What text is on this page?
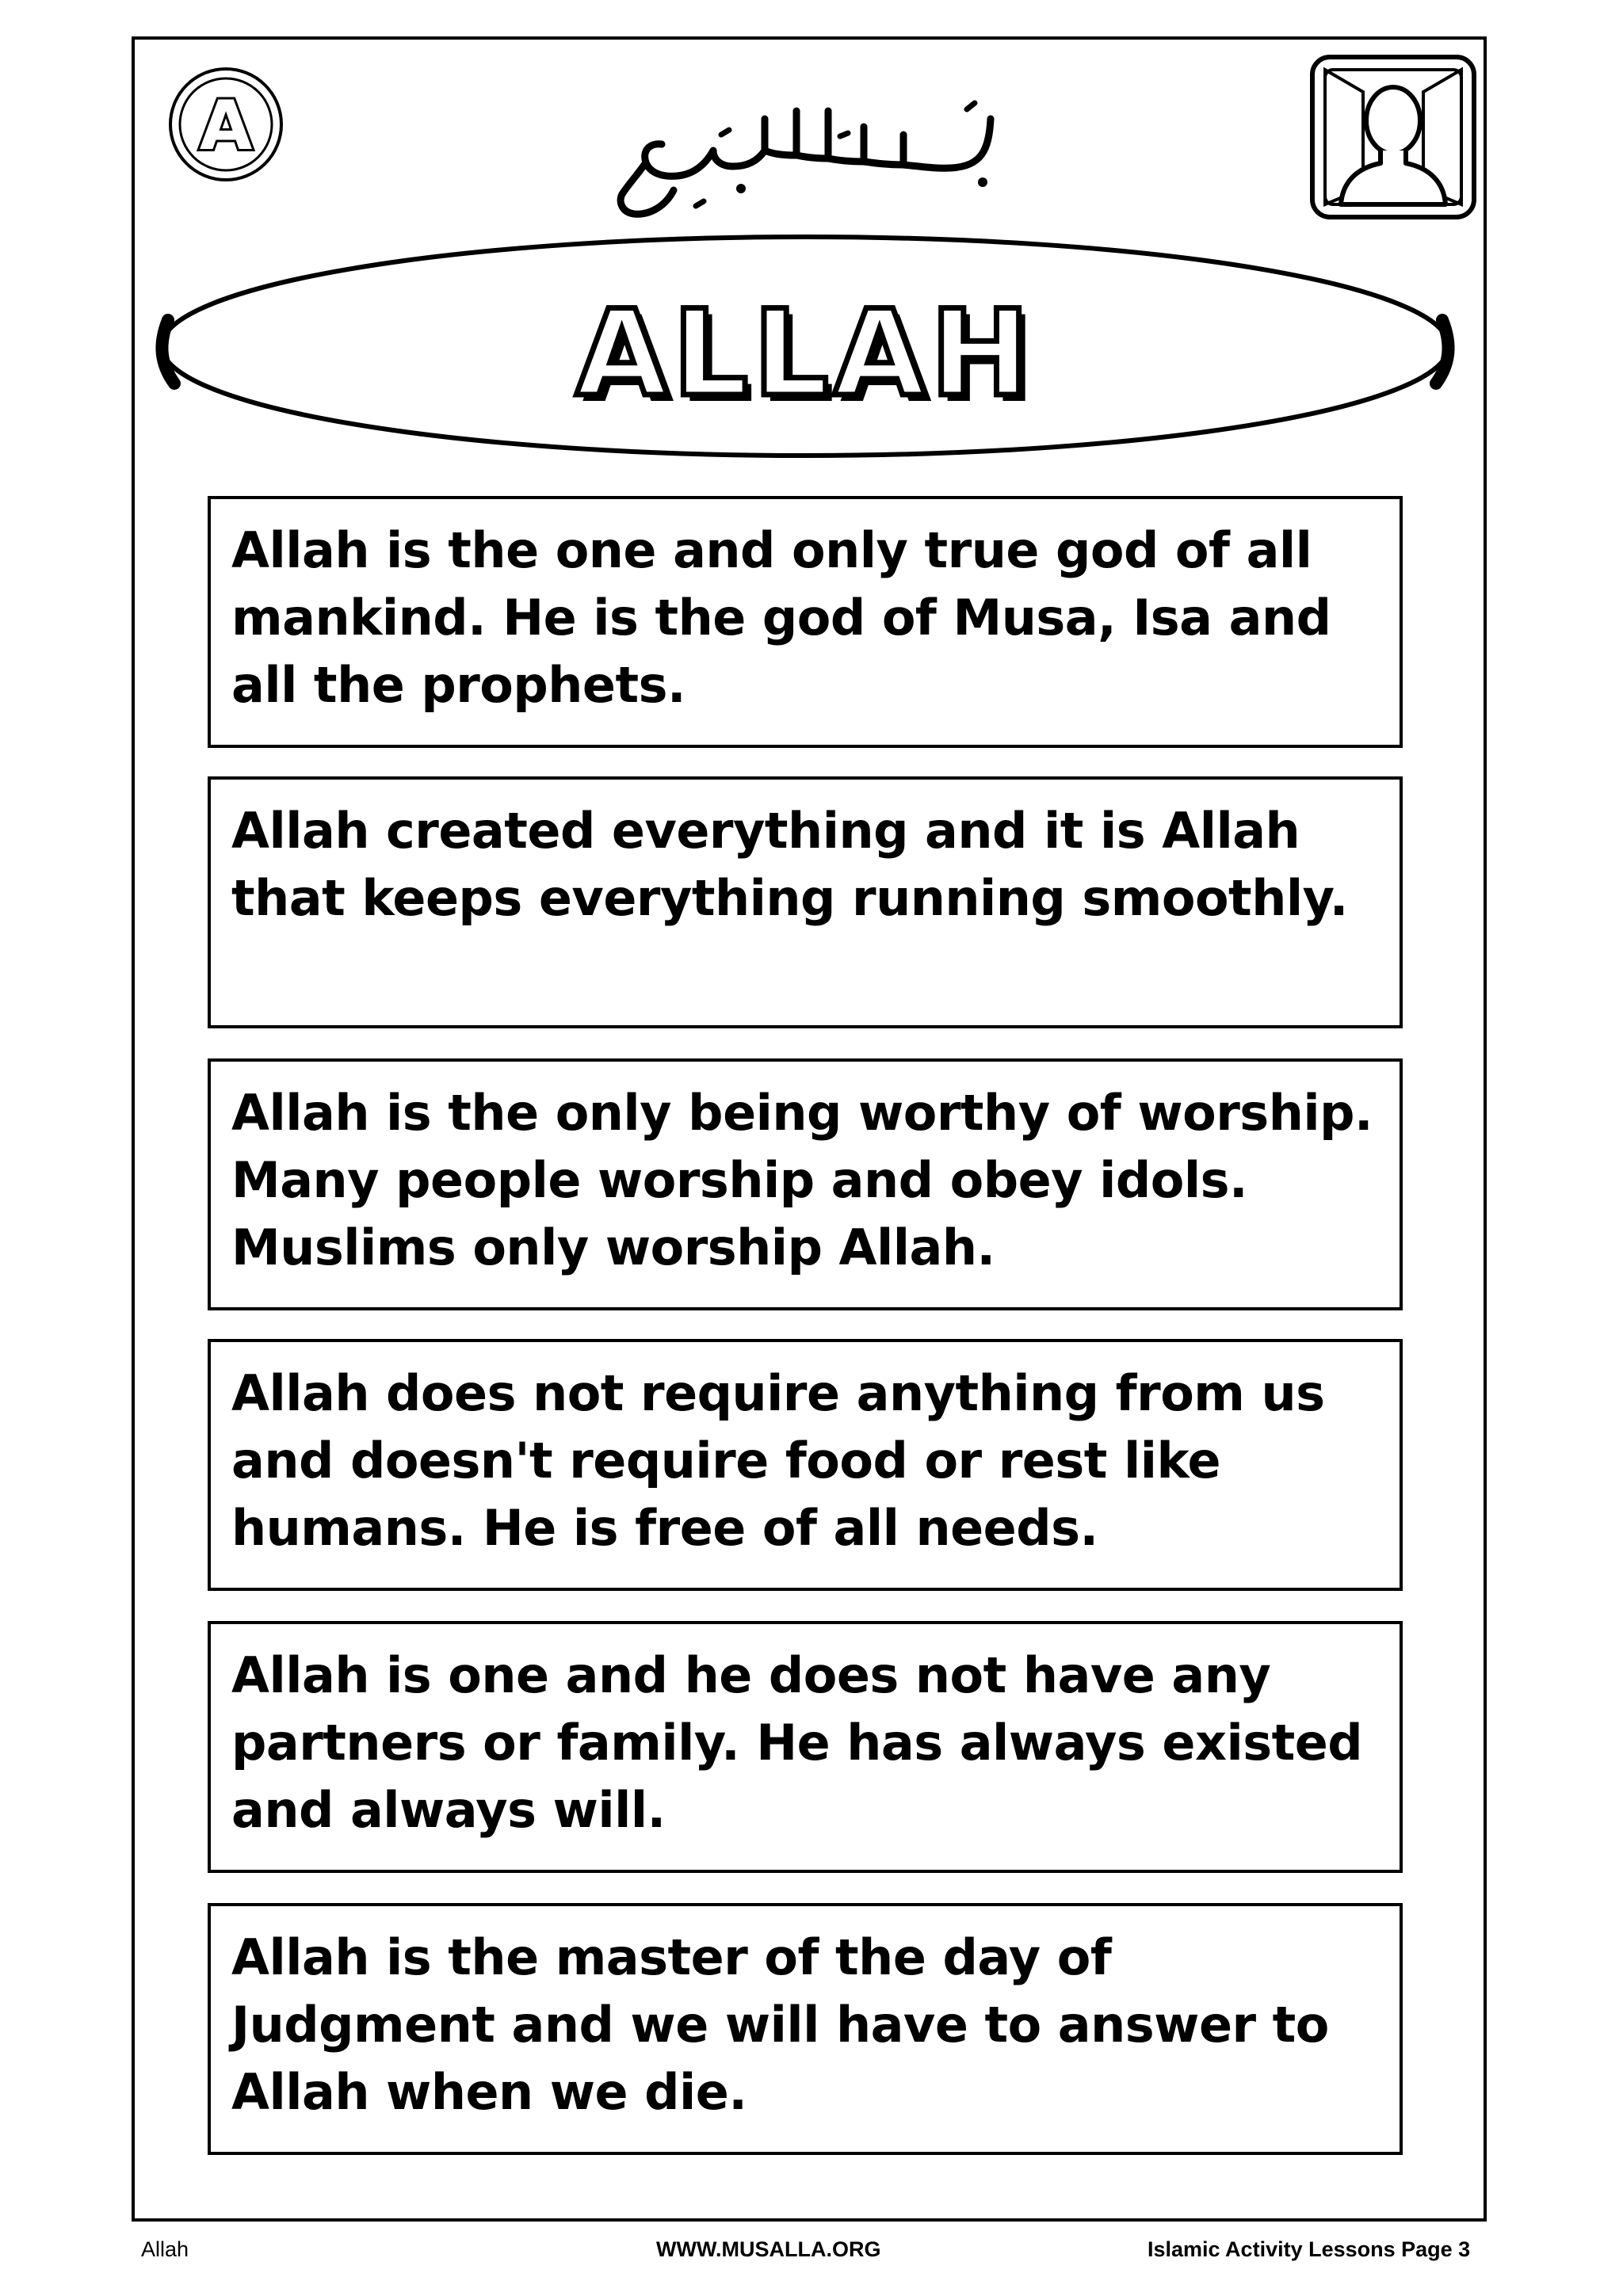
A
ALLAH
Allah is the one and only true god of all mankind. He is the god of Musa, Isa and all the prophets.
Allah created everything and it is Allah that keeps everything running smoothly.
Allah is the only being worthy of worship. Many people worship and obey idols. Muslims only worship Allah.
Allah does not require anything from us and doesn't require food or rest like humans. He is free of all needs.
Allah is one and he does not have any partners or family. He has always existed and always will.
Allah is the master of the day of Judgment and we will have to answer to Allah when we die.
Allah	WWW.MUSALLA.ORG	Islamic Activity Lessons Page 3
